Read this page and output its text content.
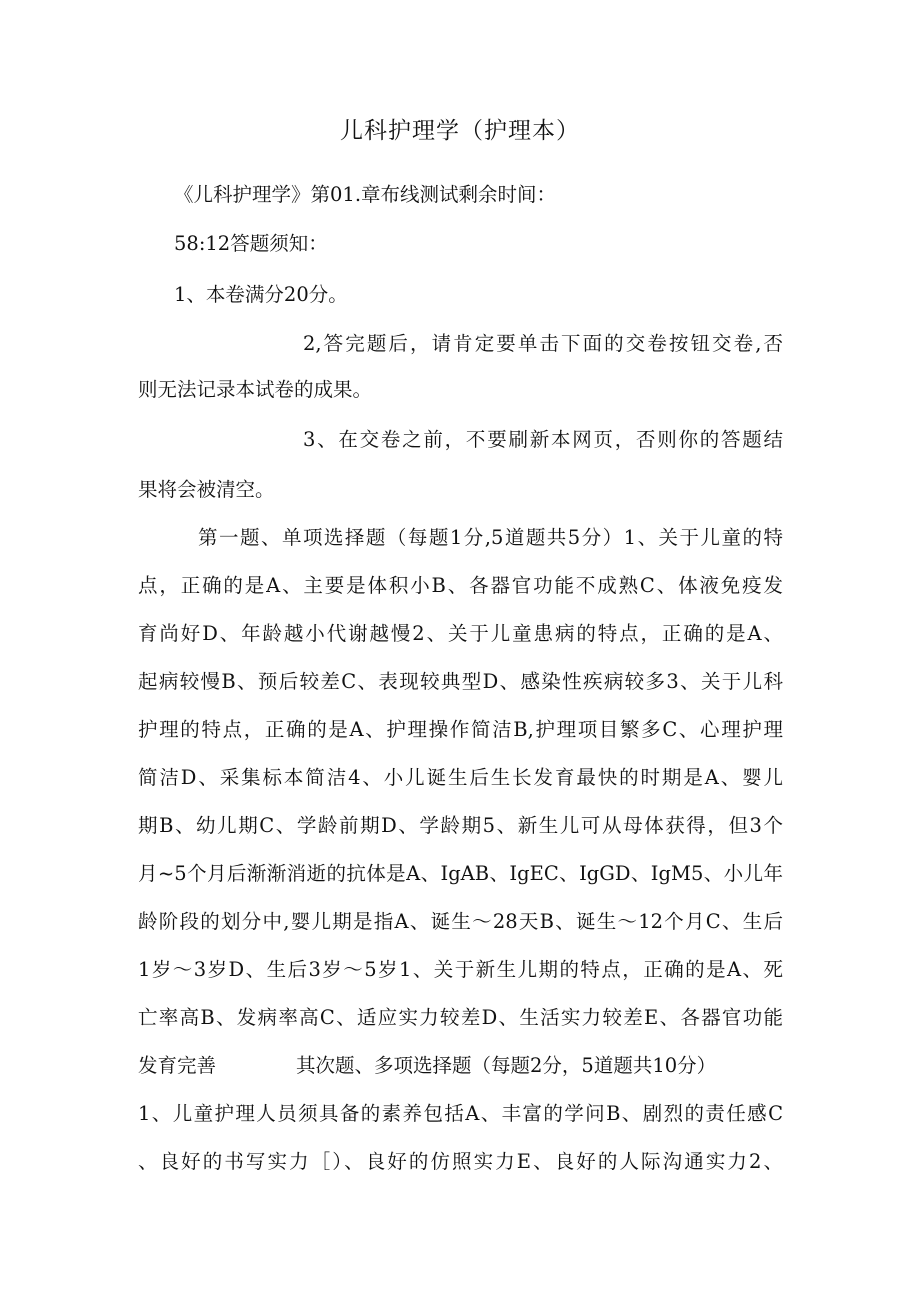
儿科护理学（护理本）
《儿科护理学》第01.章布线测试剩余时间：
58:12答题须知：
1、本卷满分20分。
2,答完题后，请肯定要单击下面的交卷按钮交卷,否
则无法记录本试卷的成果。
3、在交卷之前，不要刷新本网页，否则你的答题结
果将会被清空。
第一题、单项选择题（每题1分,5道题共5分）1、关于儿童的特
点，正确的是A、主要是体积小B、各器官功能不成熟C、体液免疫发
育尚好D、年龄越小代谢越慢2、关于儿童患病的特点，正确的是A、
起病较慢B、预后较差C、表现较典型D、感染性疾病较多3、关于儿科
护理的特点，正确的是A、护理操作简洁B,护理项目繁多C、心理护理
简洁D、采集标本简洁4、小儿诞生后生长发育最快的时期是A、婴儿
期B、幼儿期C、学龄前期D、学龄期5、新生儿可从母体获得，但3个
月~5个月后渐渐消逝的抗体是A、IgAB、IgEC、IgGD、IgM5、小儿年
龄阶段的划分中,婴儿期是指A、诞生～28天B、诞生～12个月C、生后
1岁～3岁D、生后3岁～5岁1、关于新生儿期的特点，正确的是A、死
亡率高B、发病率高C、适应实力较差D、生活实力较差E、各器官功能
发育完善	其次题、多项选择题（每题2分，5道题共10分）
1、儿童护理人员须具备的素养包括A、丰富的学问B、剧烈的责任感C
、良好的书写实力［）、良好的仿照实力E、良好的人际沟通实力2、
